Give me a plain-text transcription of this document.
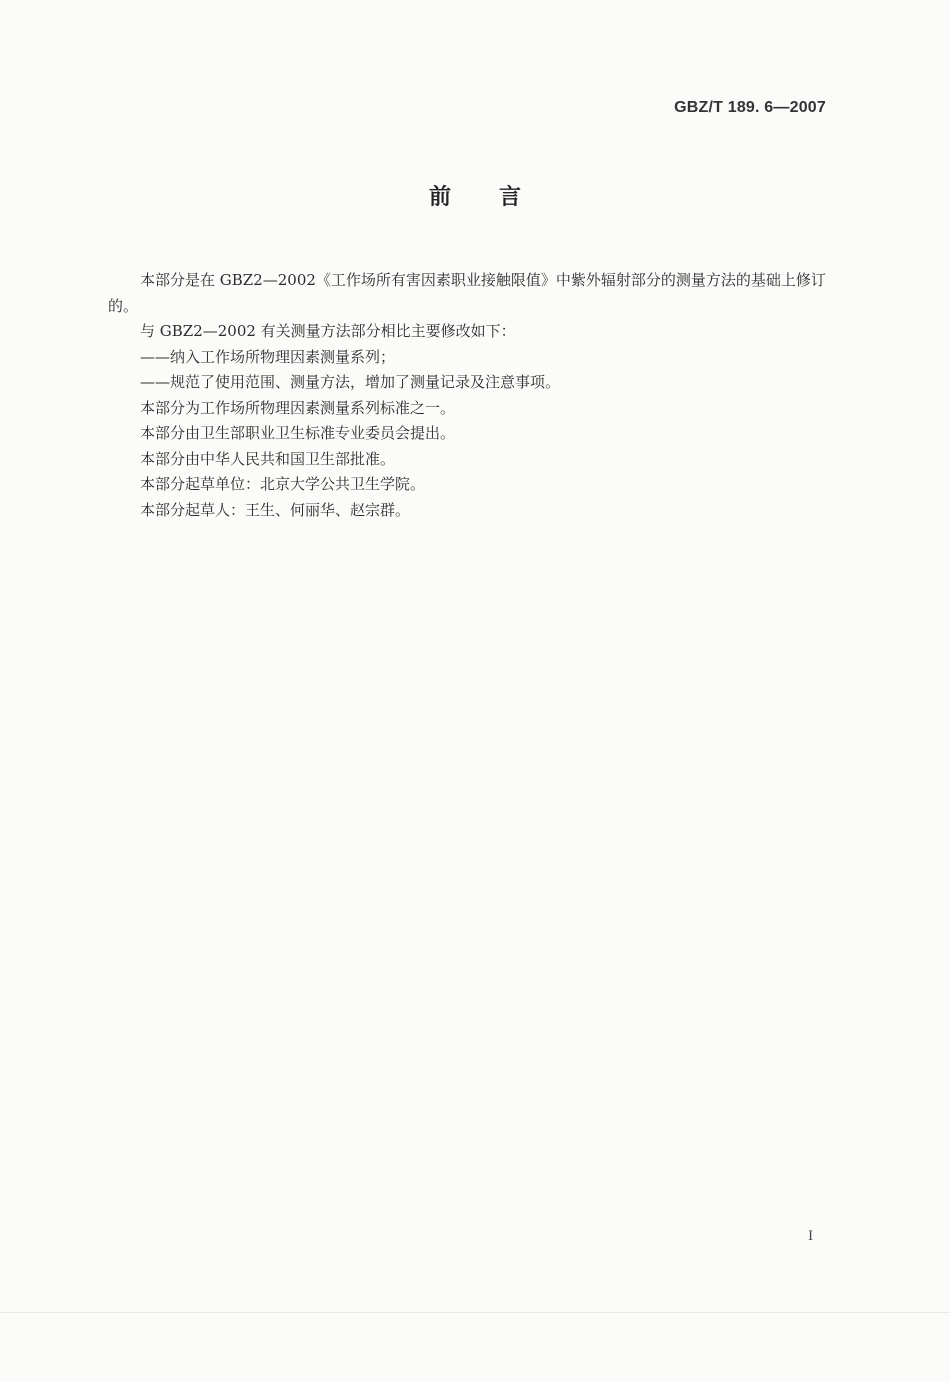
GBZ/T 189. 6—2007
前言

本部分是在 GBZ2—2002《工作场所有害因素职业接触限值》中紫外辐射部分的测量方法的基础上修订的。

与 GBZ2—2002 有关测量方法部分相比主要修改如下：

——纳入工作场所物理因素测量系列；

——规范了使用范围、测量方法，增加了测量记录及注意事项。

本部分为工作场所物理因素测量系列标准之一。

本部分由卫生部职业卫生标准专业委员会提出。

本部分由中华人民共和国卫生部批准。

本部分起草单位：北京大学公共卫生学院。

本部分起草人：王生、何丽华、赵宗群。

I
